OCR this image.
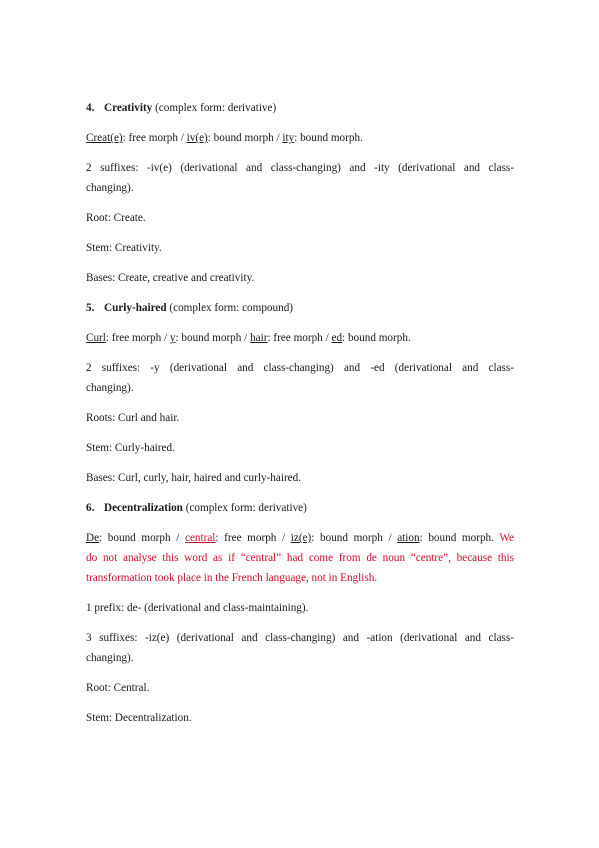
4. Creativity (complex form: derivative)
Creat(e): free morph / iv(e): bound morph / ity: bound morph.
2 suffixes: -iv(e) (derivational and class-changing) and -ity (derivational and class-
changing).
Root: Create.
Stem: Creativity.
Bases: Create, creative and creativity.
5. Curly-haired (complex form: compound)
Curl: free morph / y: bound morph / hair: free morph / ed: bound morph.
2 suffixes: -y (derivational and class-changing) and -ed (derivational and class-
changing).
Roots: Curl and hair.
Stem: Curly-haired.
Bases: Curl, curly, hair, haired and curly-haired.
6. Decentralization (complex form: derivative)
De: bound morph / central: free morph / iz(e): bound morph / ation: bound morph. We
do not analyse this word as if “central” had come from de noun “centre”, because this
transformation took place in the French language, not in English.
1 prefix: de- (derivational and class-maintaining).
3 suffixes: -iz(e) (derivational and class-changing) and -ation (derivational and class-
changing).
Root: Central.
Stem: Decentralization.
